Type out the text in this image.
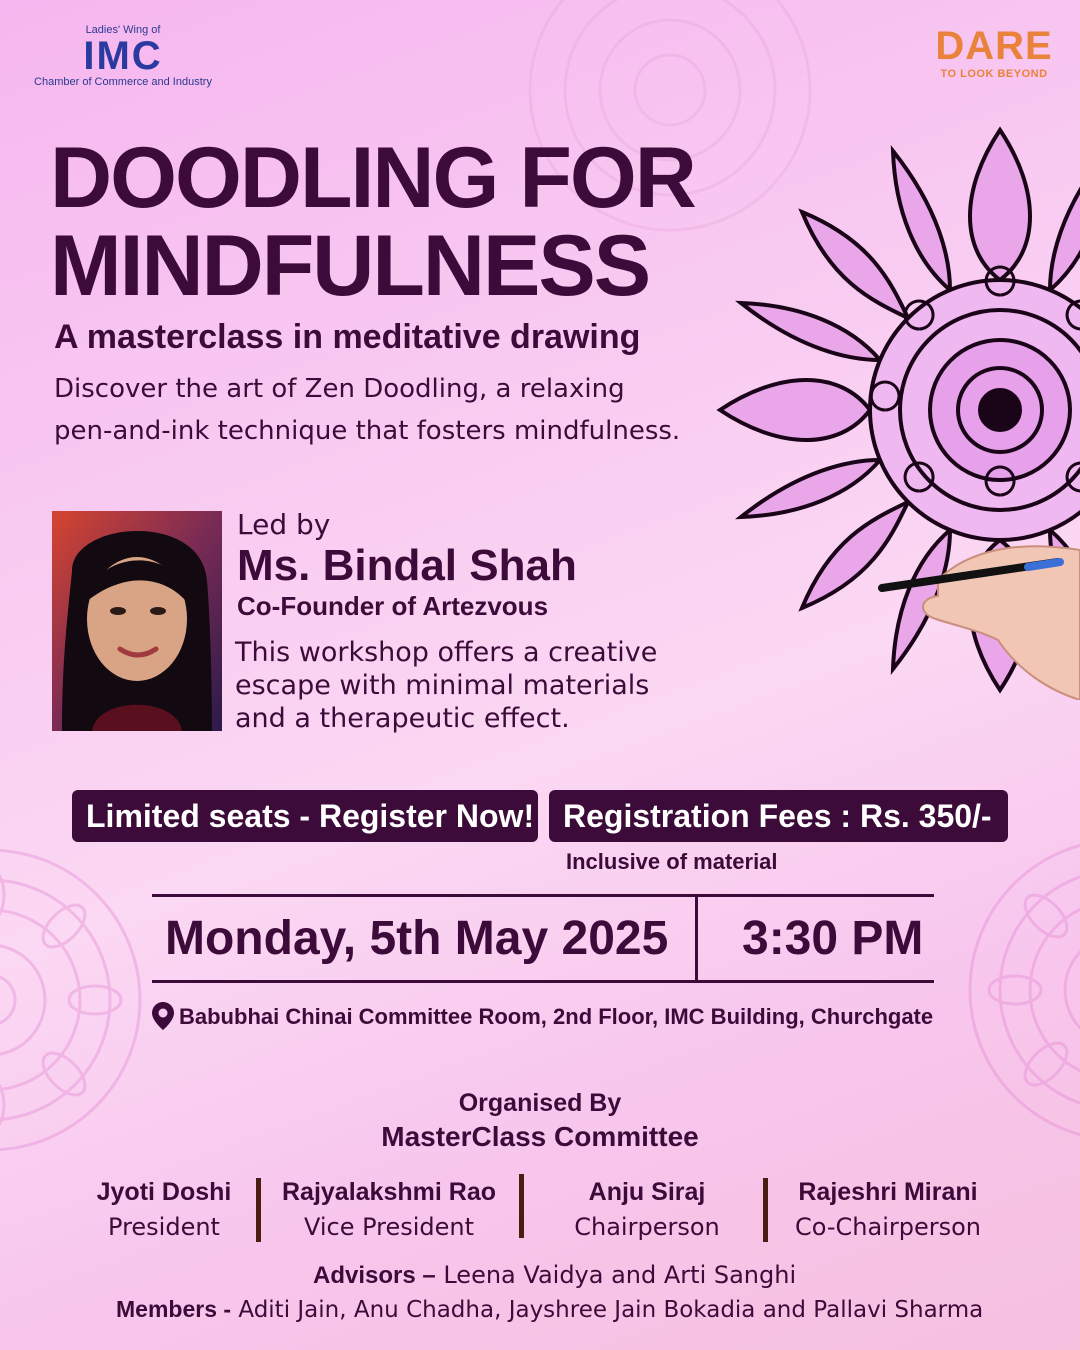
Ladies' Wing of
IMC
Chamber of Commerce and Industry
DARE
TO LOOK BEYOND
DOODLING FOR
MINDFULNESS
A masterclass in meditative drawing
Discover the art of Zen Doodling, a relaxing
pen-and-ink technique that fosters mindfulness.
Led by
Ms. Bindal Shah
Co-Founder of Artezvous
This workshop offers a creative
escape with minimal materials
and a therapeutic effect.
Limited seats - Register Now! Registration Fees : Rs. 350/-
Inclusive of material
Monday, 5th May 2025 3:30 PM
Babubhai Chinai Committee Room, 2nd Floor, IMC Building, Churchgate
Organised By
MasterClass Committee
Jyoti Doshi
President
Rajyalakshmi Rao
Vice President
Anju Siraj
Chairperson
Rajeshri Mirani
Co-Chairperson
Advisors – Leena Vaidya and Arti Sanghi
Members - Aditi Jain, Anu Chadha, Jayshree Jain Bokadia and Pallavi Sharma
